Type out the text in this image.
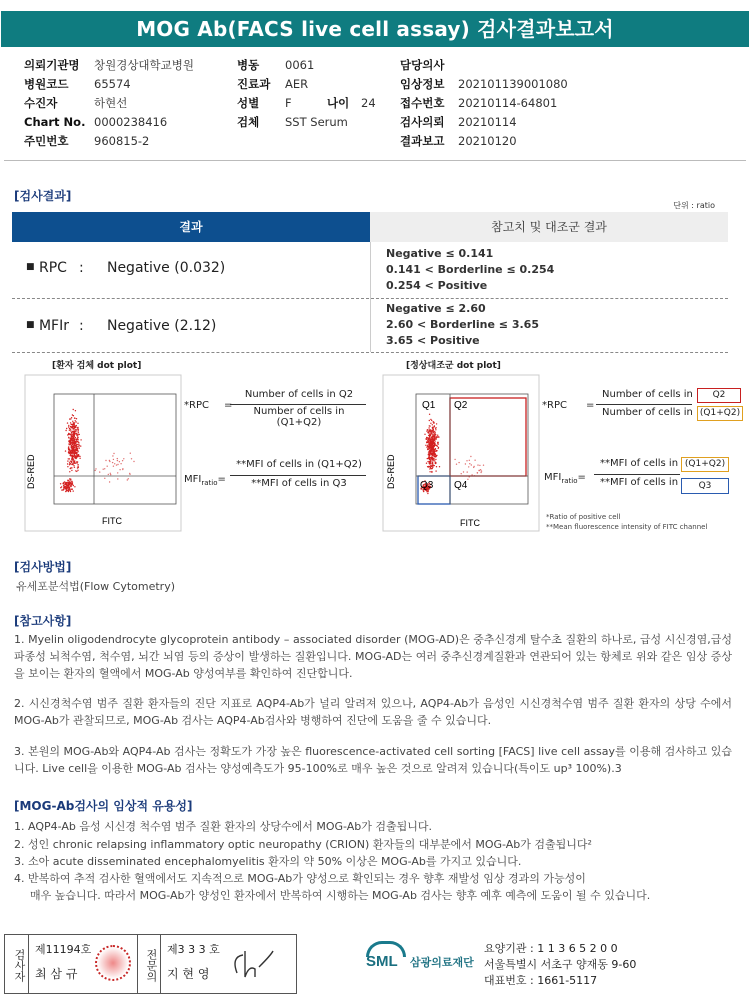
MOG Ab(FACS live cell assay) 검사결과보고서
의뢰기관명 창원경상대학교병원
병원코드 65574
수진자	하현선
Chart No. 0000238416
주민번호 960815-2
병동 0061
진료과 AER
성별 F	나이 24
검체 SST Serum
담당의사
임상정보 202101139001080
접수번호 20210114-64801
검사의뢰 20210114
결과보고 20210120
[검사결과]
단위 : ratio
결과	참고치 및 대조군 결과
■ RPC : Negative (0.032)
Negative ≤ 0.141
0.141 < Borderline ≤ 0.254
0.254 < Positive
■ MFIr : Negative (2.12)
Negative ≤ 2.60
2.60 < Borderline ≤ 3.65
3.65 < Positive
[환자 검체 dot plot]	[정상대조군 dot plot]
DS-RED
FITC
Q1 Q2
Q3 Q4
DS-RED
FITC
*RPC =
Number of cells in Q2
Number of cells in (Q1+Q2)
$MFI_{ratio}=$
**MFI of cells in (Q1+Q2)
**MFI of cells in Q3
*RPC =
Number of cells in	Q2
Number of cells in (Q1+Q2)
$MFI_{ratio}=$
**MFI of cells in (Q1+Q2)
**MFI of cells in	Q3
*Ratio of positive cell
**Mean fluorescence intensity of FITC channel
[검사방법]
유세포분석법(Flow Cytometry)
[참고사항]
1. Myelin oligodendrocyte glycoprotein antibody – associated disorder (MOG-AD)은 중추신경계 탈수초 질환의 하나로, 급성 시신경염,급성파종성 뇌척수염, 척수염, 뇌간 뇌염 등의 증상이 발생하는 질환입니다. MOG-AD는 여러 중추신경계질환과 연관되어 있는 항체로 위와 같은 임상 증상을 보이는 환자의 혈액에서 MOG-Ab 양성여부를 확인하여 진단합니다.
2. 시신경척수염 범주 질환 환자들의 진단 지표로 AQP4-Ab가 널리 알려져 있으나, AQP4-Ab가 음성인 시신경척수염 범주 질환 환자의 상당 수에서 MOG-Ab가 관찰되므로, MOG-Ab 검사는 AQP4-Ab검사와 병행하여 진단에 도움을 줄 수 있습니다.
3. 본원의 MOG-Ab와 AQP4-Ab 검사는 정확도가 가장 높은 fluorescence-activated cell sorting [FACS] live cell assay를 이용해 검사하고 있습니다. Live cell을 이용한 MOG-Ab 검사는 양성예측도가 95-100%로 매우 높은 것으로 알려져 있습니다(특이도 up³ 100%).3
[MOG-Ab검사의 임상적 유용성]
1. AQP4-Ab 음성 시신경 척수염 범주 질환 환자의 상당수에서 MOG-Ab가 검출됩니다.
2. 성인 chronic relapsing inflammatory optic neuropathy (CRION) 환자들의 대부분에서 MOG-Ab가 검출됩니다²
3. 소아 acute disseminated encephalomyelitis 환자의 약 50% 이상은 MOG-Ab를 가지고 있습니다.
4. 반복하여 추적 검사한 혈액에서도 지속적으로 MOG-Ab가 양성으로 확인되는 경우 향후 재발성 임상 경과의 가능성이
매우 높습니다. 따라서 MOG-Ab가 양성인 환자에서 반복하여 시행하는 MOG-Ab 검사는 향후 예후 예측에 도움이 될 수 있습니다.
검사자 제11194호
최 삼 규	전문의 제3 3 3 호
지 현 영
SML 삼광의료재단
요양기관 : 1 1 3 6 5 2 0 0
서울특별시 서초구 양재동 9-60
대표번호 : 1661-5117
